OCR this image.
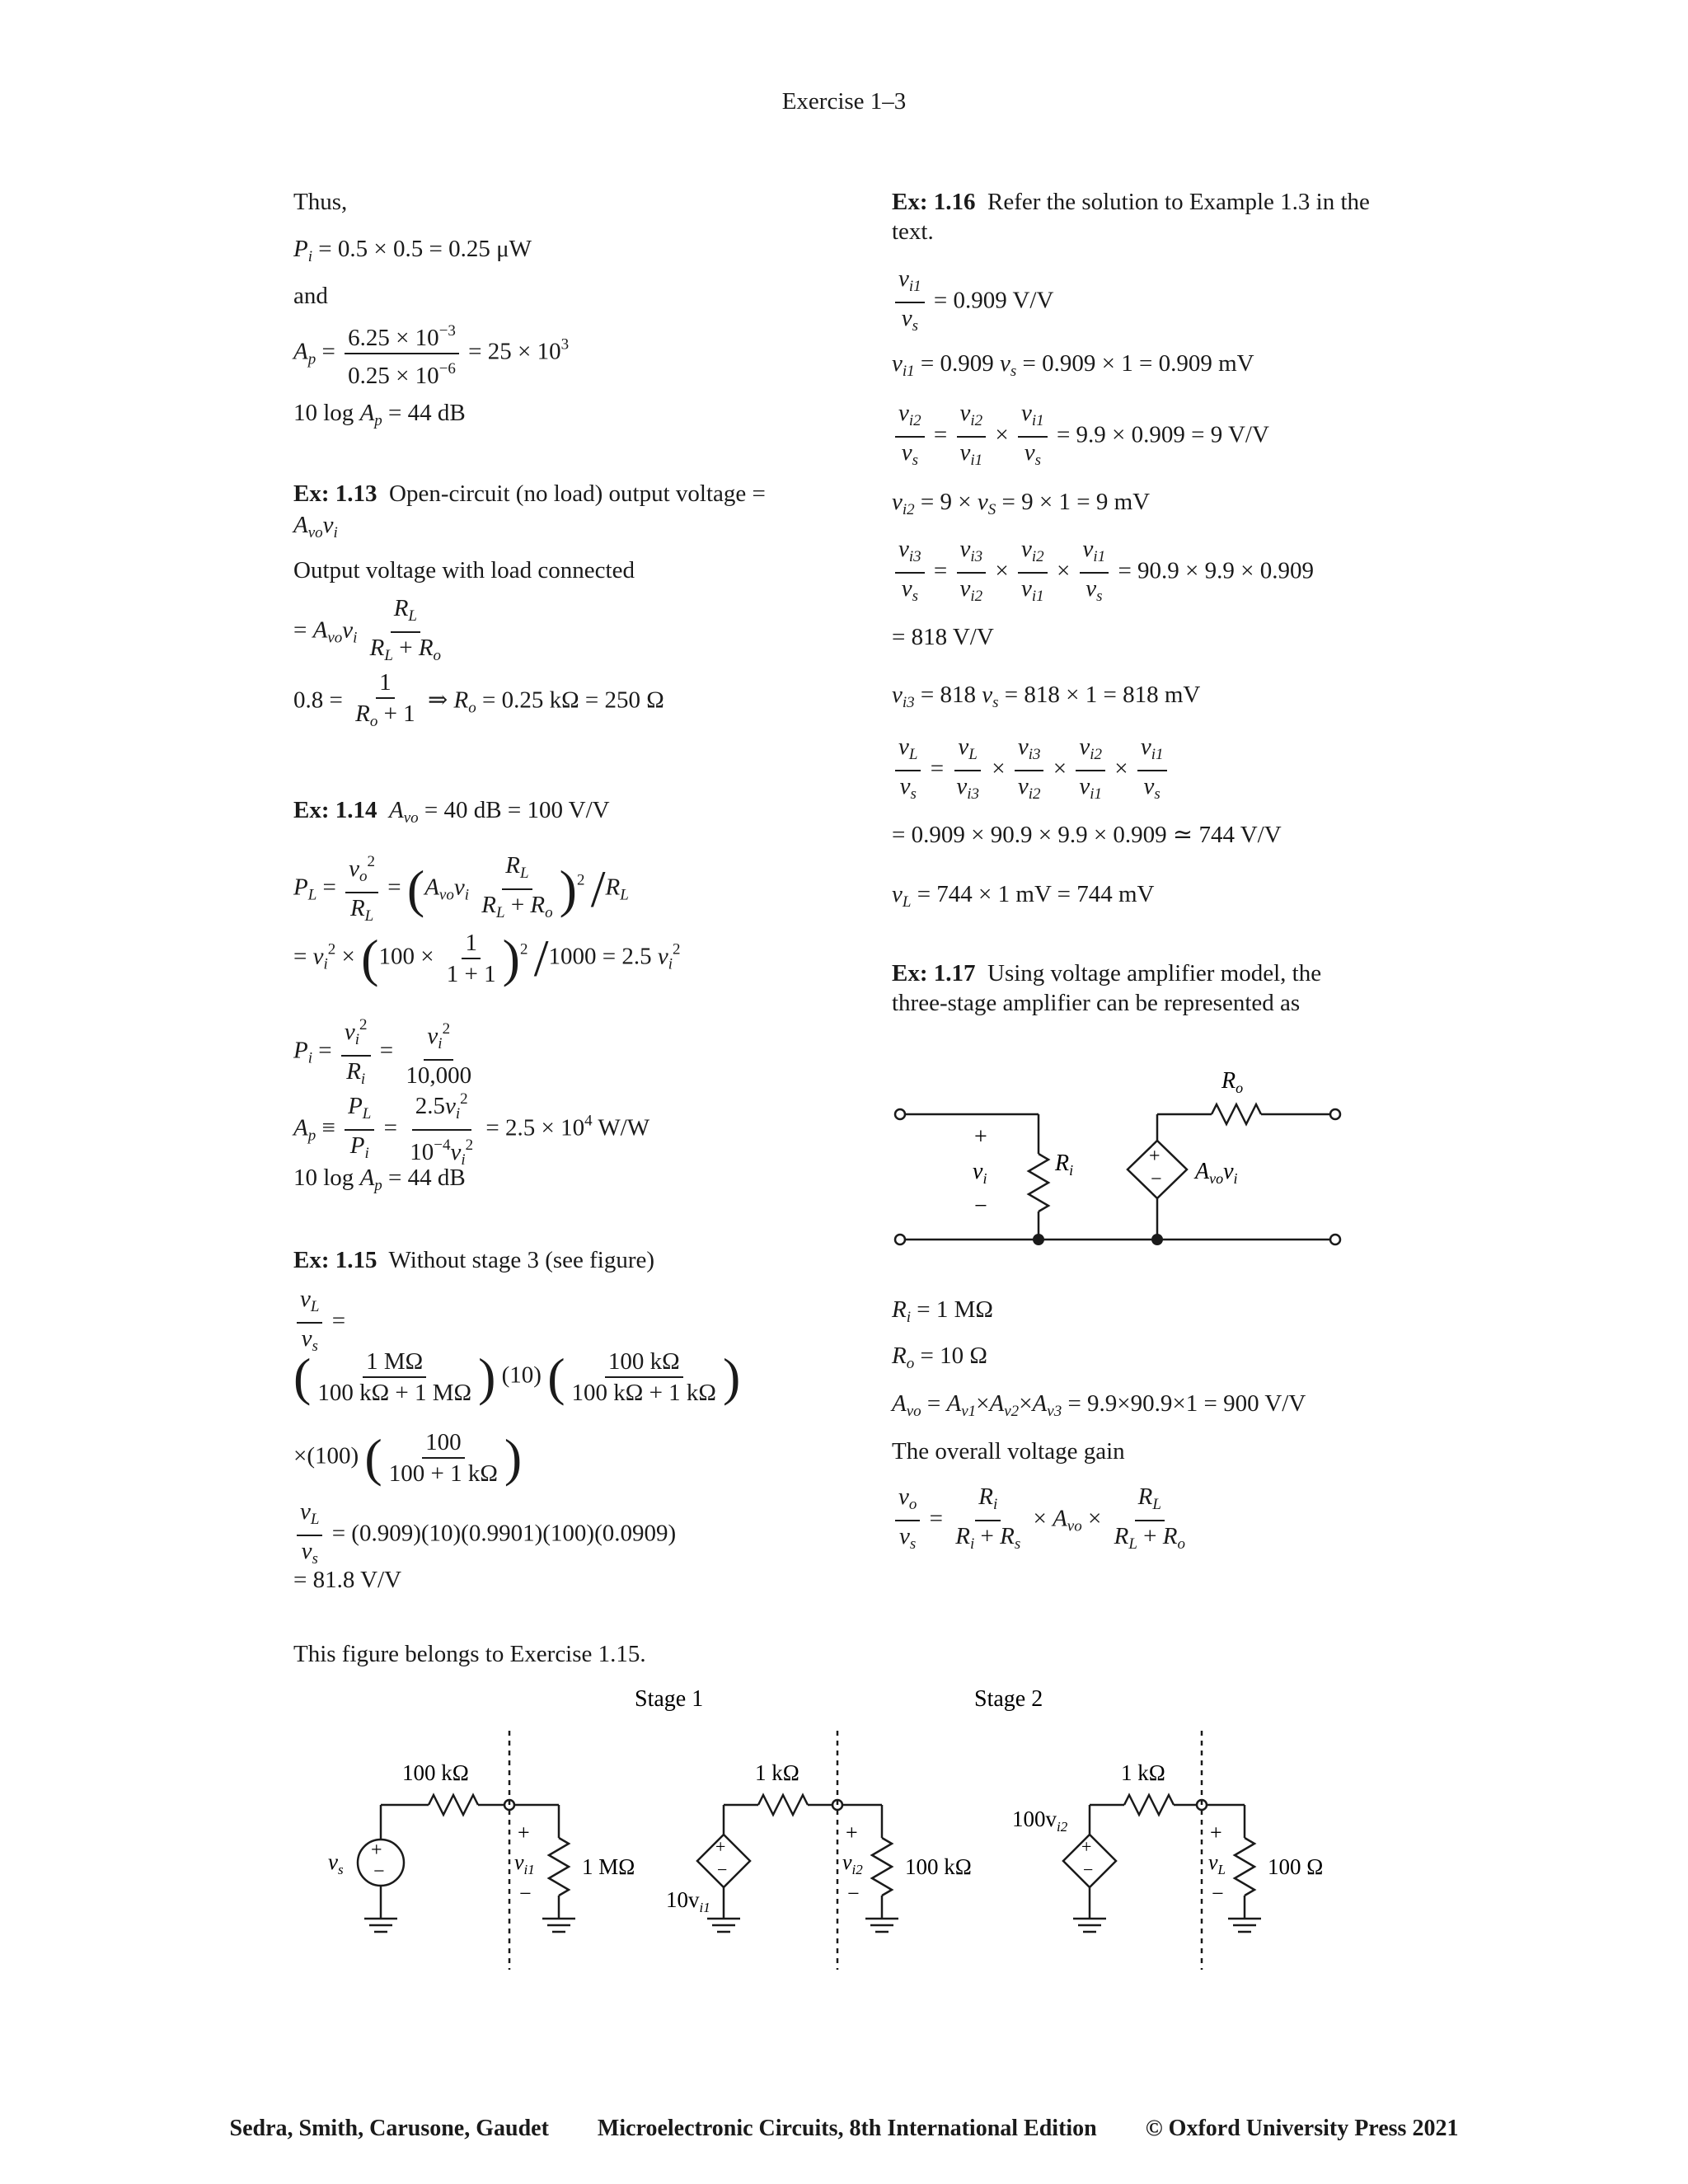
Exercise 1–3
Thus,
$P_i = 0.5 \times 0.5 = 0.25$ μW
and
$A_p = \frac{6.25 \times 10^{-3}}{0.25 \times 10^{-6}} = 25 \times 10^3$
10 $\log A_p = 44$ dB
Ex: 1.13 Open-circuit (no load) output voltage =
$A_{vo}v_i$
Output voltage with load connected
= $A_{vo}v_i \frac{R_L}{R_L + R_o}$
$0.8 = \frac{1}{R_o + 1}$ ⇒ $R_o = 0.25$ kΩ = 250 Ω
Ex: 1.14 $A_{vo} = 40$ dB = 100 V/V
$P_L = \frac{v_o^2}{R_L} = (A_{vo}v_i \frac{R_L}{R_L + R_o} )^2$ $/R_L$
= $v_i^2 \times (100 \times \frac{1}{1 + 1} )^2$ /1000 = 2.5 $v_i^2$
$P_i = \frac{v_i^2}{R_i} = \frac{v_i^2}{10,000}$
$A_p \equiv \frac{P_L}{P_i} = \frac{2.5v_i^2}{10^{-4}v_i^2} = 2.5 \times 10^4$ W/W
10 $\log A_p = 44$ dB
Ex: 1.15 Without stage 3 (see figure)
$\frac{v_L}{v_s}$ =
( $\frac{1 M\Omega}{100 k\Omega + 1 M\Omega}$ ) (10) ( $\frac{100 k\Omega}{100 k\Omega + 1 k\Omega}$ )
×(100) ( $\frac{100}{100 + 1 k\Omega}$ )
$\frac{v_L}{v_s} = (0.909)(10)(0.9901)(100)(0.0909)$
= 81.8 V/V
This figure belongs to Exercise 1.15.
Ex: 1.16 Refer the solution to Example 1.3 in the
text.
$\frac{v_{i1}}{v_s} = 0.909$ V/V
$v_{i1} = 0.909$ $v_s = 0.909 \times 1 = 0.909$ mV
$\frac{v_{i2}}{v_s} = \frac{v_{i2}}{v_{i1}} \times \frac{v_{i1}}{v_s} = 9.9 \times 0.909 = 9$ V/V
$v_{i2} = 9 \times v_S = 9 \times 1 = 9$ mV
$\frac{v_{i3}}{v_s} = \frac{v_{i3}}{v_{i2}} \times \frac{v_{i2}}{v_{i1}} \times \frac{v_{i1}}{v_s} = 90.9 \times 9.9 \times 0.909$
= 818 V/V
$v_{i3} = 818$ $v_s = 818 \times 1 = 818$ mV
$\frac{v_L}{v_s} = \frac{v_L}{v_{i3}} \times \frac{v_{i3}}{v_{i2}} \times \frac{v_{i2}}{v_{i1}} \times \frac{v_{i1}}{v_s}$
= 0.909 × 90.9 × 9.9 × 0.909 ≃ 744 V/V
$v_L = 744 \times 1$ mV = 744 mV
Ex: 1.17 Using voltage amplifier model, the
three-stage amplifier can be represented as
+
−
+
−
$v_i$
$R_i$
$R_o$
$A_{vo}v_i$
$R_i = 1$ MΩ
$R_o = 10$ Ω
$A_{vo} = A_{v1}\times A_{v2}\times A_{v3} = 9.9\times 90.9\times 1 = 900$ V/V
The overall voltage gain
$\frac{v_o}{v_s} = \frac{R_i}{R_i + R_s} \times A_{vo} \times \frac{R_L}{R_L + R_o}$
Stage 1	Stage 2
100 kΩ
1 MΩ
1 kΩ
100 kΩ
1 kΩ
100 Ω
+
−
+
−
+
−
$v_s$
+
$v_{i1}$
−
+
$v_{i2}$
−
+
$v_L$
−
$10v_{i1}$
$100v_{i2}$
Sedra, Smith, Carusone, Gaudet Microelectronic Circuits, 8th International Edition © Oxford University Press 2021
